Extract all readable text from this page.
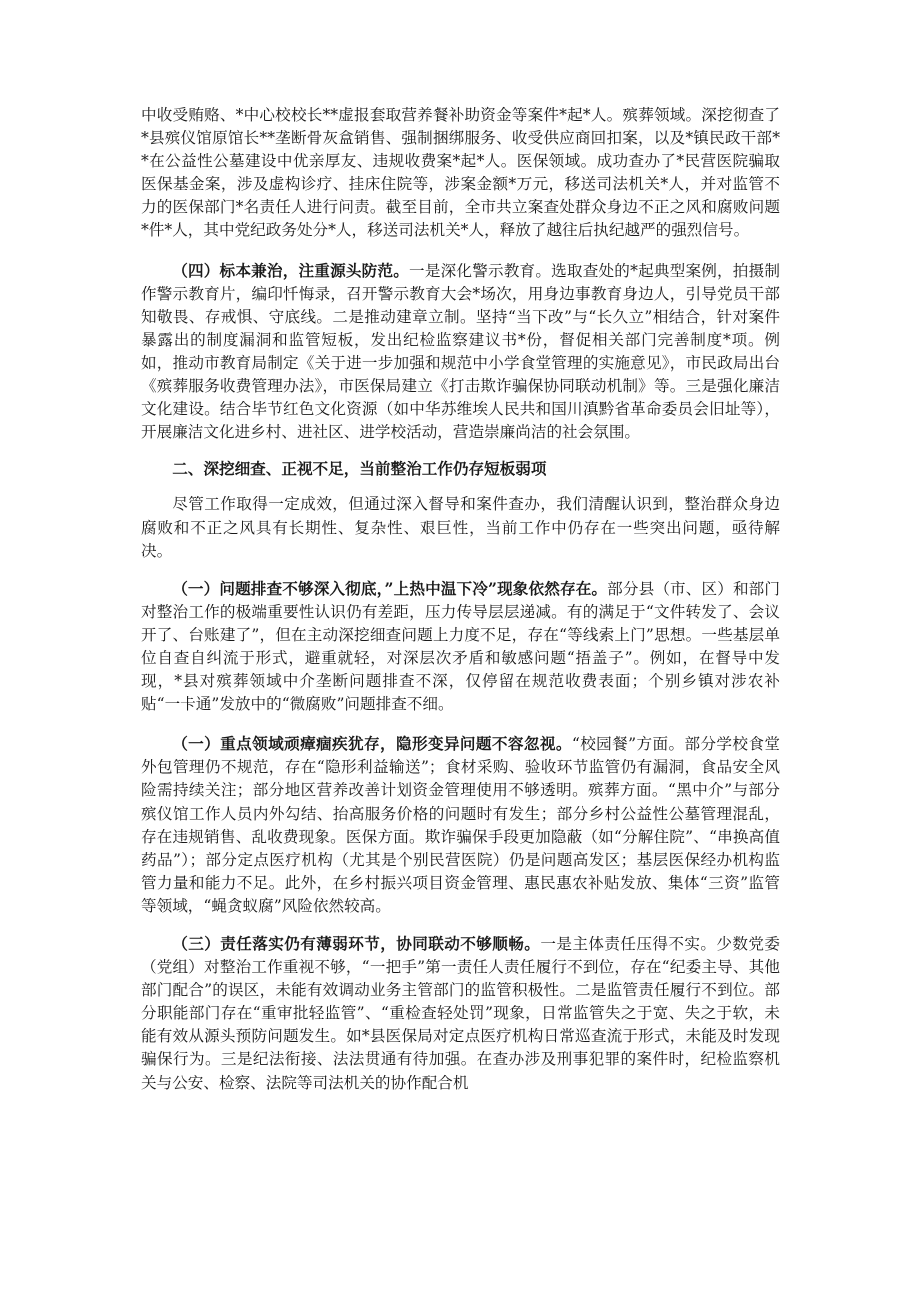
中收受贿赂、*中心校校长**虚报套取营养餐补助资金等案件*起*人。殡葬领域。深挖彻查了*县殡仪馆原馆长**垄断骨灰盒销售、强制捆绑服务、收受供应商回扣案，以及*镇民政干部**在公益性公墓建设中优亲厚友、违规收费案*起*人。医保领域。成功查办了*民营医院骗取医保基金案，涉及虚构诊疗、挂床住院等，涉案金额*万元，移送司法机关*人，并对监管不力的医保部门*名责任人进行问责。截至目前，全市共立案查处群众身边不正之风和腐败问题*件*人，其中党纪政务处分*人，移送司法机关*人，释放了越往后执纪越严的强烈信号。

（四）标本兼治，注重源头防范。一是深化警示教育。选取查处的*起典型案例，拍摄制作警示教育片，编印忏悔录，召开警示教育大会*场次，用身边事教育身边人，引导党员干部知敬畏、存戒惧、守底线。二是推动建章立制。坚持“当下改”与“长久立”相结合，针对案件暴露出的制度漏洞和监管短板，发出纪检监察建议书*份，督促相关部门完善制度*项。例如，推动市教育局制定《关于进一步加强和规范中小学食堂管理的实施意见》，市民政局出台《殡葬服务收费管理办法》，市医保局建立《打击欺诈骗保协同联动机制》等。三是强化廉洁文化建设。结合毕节红色文化资源（如中华苏维埃人民共和国川滇黔省革命委员会旧址等），开展廉洁文化进乡村、进社区、进学校活动，营造崇廉尚洁的社会氛围。

二、深挖细查、正视不足，当前整治工作仍存短板弱项

尽管工作取得一定成效，但通过深入督导和案件查办，我们清醒认识到，整治群众身边腐败和不正之风具有长期性、复杂性、艰巨性，当前工作中仍存在一些突出问题，亟待解决。

（一）问题排查不够深入彻底，”上热中温下冷”现象依然存在。部分县（市、区）和部门对整治工作的极端重要性认识仍有差距，压力传导层层递减。有的满足于“文件转发了、会议开了、台账建了”，但在主动深挖细查问题上力度不足，存在“等线索上门”思想。一些基层单位自查自纠流于形式，避重就轻，对深层次矛盾和敏感问题“捂盖子”。例如，在督导中发现，*县对殡葬领域中介垄断问题排查不深，仅停留在规范收费表面；个别乡镇对涉农补贴“一卡通”发放中的“微腐败”问题排查不细。

（一）重点领域顽瘴痼疾犹存，隐形变异问题不容忽视。“校园餐”方面。部分学校食堂外包管理仍不规范，存在“隐形利益输送”；食材采购、验收环节监管仍有漏洞，食品安全风险需持续关注；部分地区营养改善计划资金管理使用不够透明。殡葬方面。“黑中介”与部分殡仪馆工作人员内外勾结、抬高服务价格的问题时有发生；部分乡村公益性公墓管理混乱，存在违规销售、乱收费现象。医保方面。欺诈骗保手段更加隐蔽（如“分解住院”、“串换高值药品”）；部分定点医疗机构（尤其是个别民营医院）仍是问题高发区；基层医保经办机构监管力量和能力不足。此外，在乡村振兴项目资金管理、惠民惠农补贴发放、集体“三资”监管等领域，“蝇贪蚁腐”风险依然较高。

（三）责任落实仍有薄弱环节，协同联动不够顺畅。一是主体责任压得不实。少数党委（党组）对整治工作重视不够，“一把手”第一责任人责任履行不到位，存在“纪委主导、其他部门配合”的误区，未能有效调动业务主管部门的监管积极性。二是监管责任履行不到位。部分职能部门存在“重审批轻监管”、“重检查轻处罚”现象，日常监管失之于宽、失之于软，未能有效从源头预防问题发生。如*县医保局对定点医疗机构日常巡查流于形式，未能及时发现骗保行为。三是纪法衔接、法法贯通有待加强。在查办涉及刑事犯罪的案件时，纪检监察机关与公安、检察、法院等司法机关的协作配合机
